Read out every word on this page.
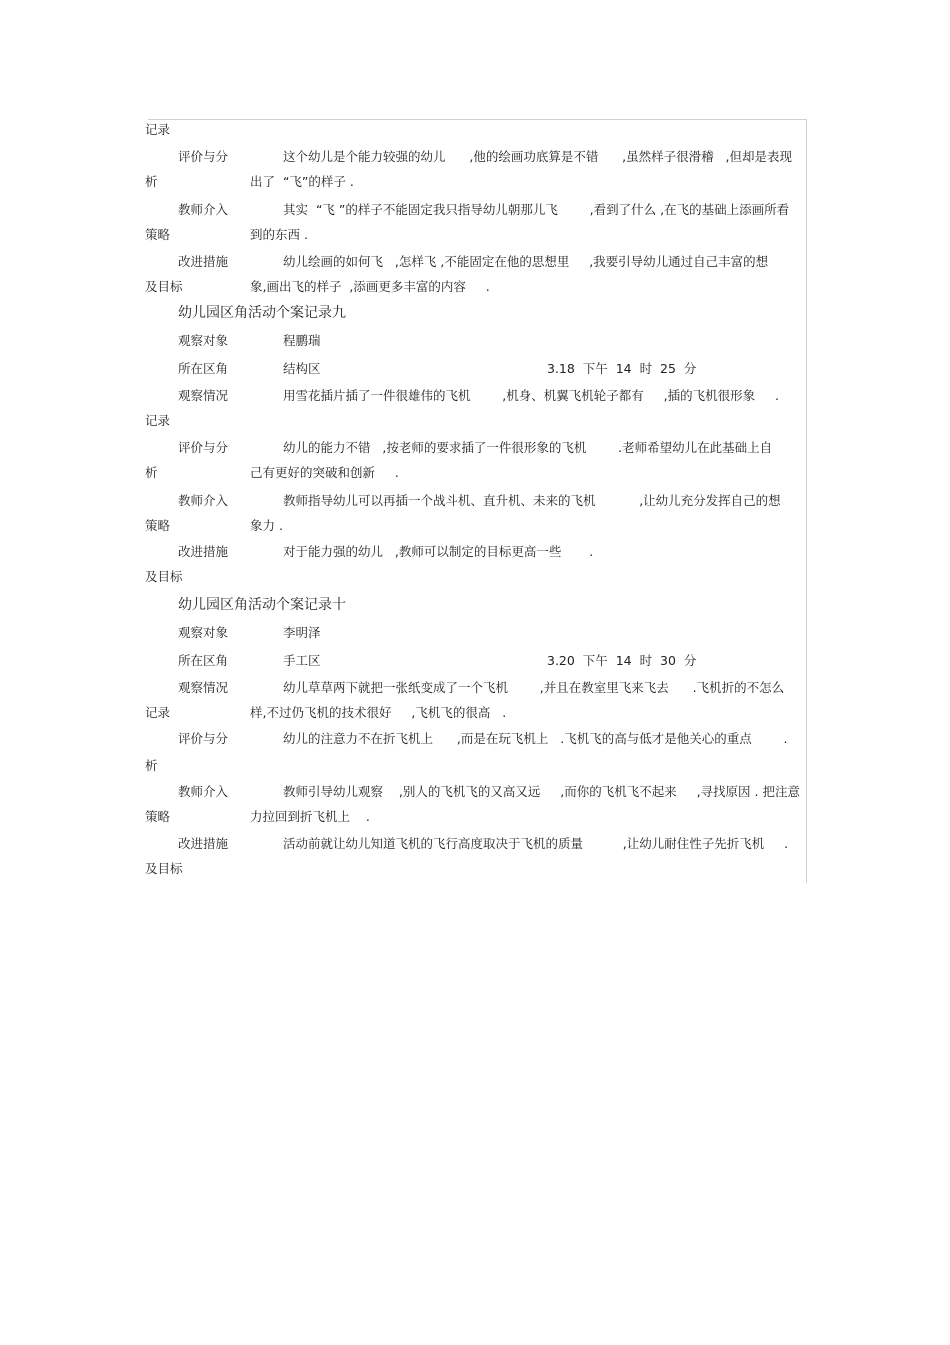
记录
评价与分	这个幼儿是个能力较强的幼儿      ,他的绘画功底算是不错      ,虽然样子很滑稽   ,但却是表现
析	出了  “飞”的样子 .
教师介入	其实  “飞 ”的样子不能固定我只指导幼儿朝那儿飞        ,看到了什么 ,在飞的基础上添画所看
策略	到的东西 .
改进措施	幼儿绘画的如何飞   ,怎样飞 ,不能固定在他的思想里     ,我要引导幼儿通过自己丰富的想
及目标	象,画出飞的样子  ,添画更多丰富的内容     .
幼儿园区角活动个案记录九
观察对象	程鹏瑞
所在区角	结构区	3.18  下午  14  时  25  分
观察情况	用雪花插片插了一件很雄伟的飞机        ,机身、机翼飞机轮子都有     ,插的飞机很形象     .
记录
评价与分	幼儿的能力不错   ,按老师的要求插了一件很形象的飞机        .老师希望幼儿在此基础上自
析	己有更好的突破和创新     .
教师介入	教师指导幼儿可以再插一个战斗机、直升机、未来的飞机           ,让幼儿充分发挥自己的想
策略	象力 .
改进措施	对于能力强的幼儿   ,教师可以制定的目标更高一些       .
及目标
幼儿园区角活动个案记录十
观察对象	李明泽
所在区角	手工区	3.20  下午  14  时  30  分
观察情况	幼儿草草两下就把一张纸变成了一个飞机        ,并且在教室里飞来飞去      .飞机折的不怎么
记录	样,不过仍飞机的技术很好     ,飞机飞的很高   .
评价与分	幼儿的注意力不在折飞机上      ,而是在玩飞机上   .飞机飞的高与低才是他关心的重点        .
析
教师介入	教师引导幼儿观察    ,别人的飞机飞的又高又远     ,而你的飞机飞不起来     ,寻找原因 . 把注意
策略	力拉回到折飞机上    .
改进措施	活动前就让幼儿知道飞机的飞行高度取决于飞机的质量          ,让幼儿耐住性子先折飞机     .
及目标
